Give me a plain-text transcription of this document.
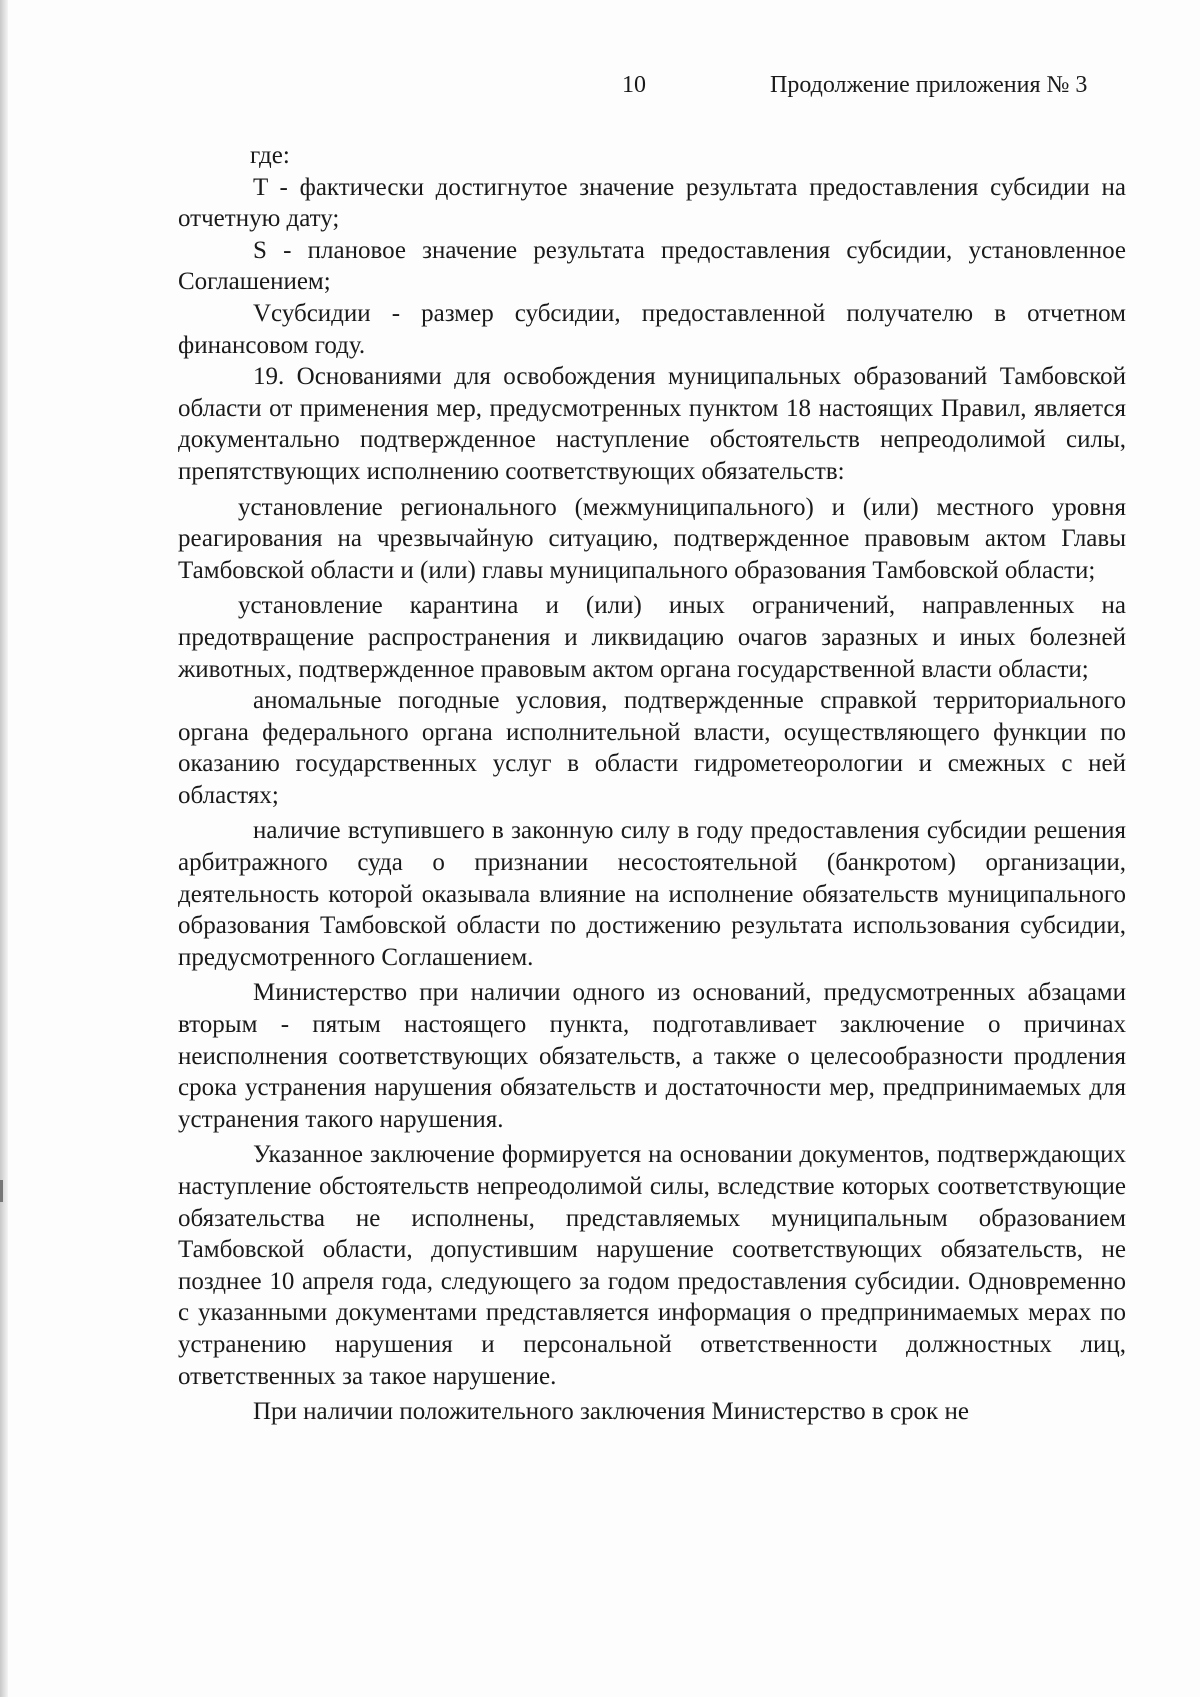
10	Продолжение приложения № 3

где:

T - фактически достигнутое значение результата предоставления субсидии на отчетную дату;

S - плановое значение результата предоставления субсидии, установленное Соглашением;

Vсубсидии - размер субсидии, предоставленной получателю в отчетном финансовом году.

19. Основаниями для освобождения муниципальных образований Тамбовской области от применения мер, предусмотренных пунктом 18 настоящих Правил, является документально подтвержденное наступление обстоятельств непреодолимой силы, препятствующих исполнению соответствующих обязательств:

установление регионального (межмуниципального) и (или) местного уровня реагирования на чрезвычайную ситуацию, подтвержденное правовым актом Главы Тамбовской области и (или) главы муниципального образования Тамбовской области;

установление карантина и (или) иных ограничений, направленных на предотвращение распространения и ликвидацию очагов заразных и иных болезней животных, подтвержденное правовым актом органа государственной власти области;

аномальные погодные условия, подтвержденные справкой территориального органа федерального органа исполнительной власти, осуществляющего функции по оказанию государственных услуг в области гидрометеорологии и смежных с ней областях;

наличие вступившего в законную силу в году предоставления субсидии решения арбитражного суда о признании несостоятельной (банкротом) организации, деятельность которой оказывала влияние на исполнение обязательств муниципального образования Тамбовской области по достижению результата использования субсидии, предусмотренного Соглашением.

Министерство при наличии одного из оснований, предусмотренных абзацами вторым - пятым настоящего пункта, подготавливает заключение о причинах неисполнения соответствующих обязательств, а также о целесообразности продления срока устранения нарушения обязательств и достаточности мер, предпринимаемых для устранения такого нарушения.

Указанное заключение формируется на основании документов, подтверждающих наступление обстоятельств непреодолимой силы, вследствие которых соответствующие обязательства не исполнены, представляемых муниципальным образованием Тамбовской области, допустившим нарушение соответствующих обязательств, не позднее 10 апреля года, следующего за годом предоставления субсидии. Одновременно с указанными документами представляется информация о предпринимаемых мерах по устранению нарушения и персональной ответственности должностных лиц, ответственных за такое нарушение.

При наличии положительного заключения Министерство в срок не
